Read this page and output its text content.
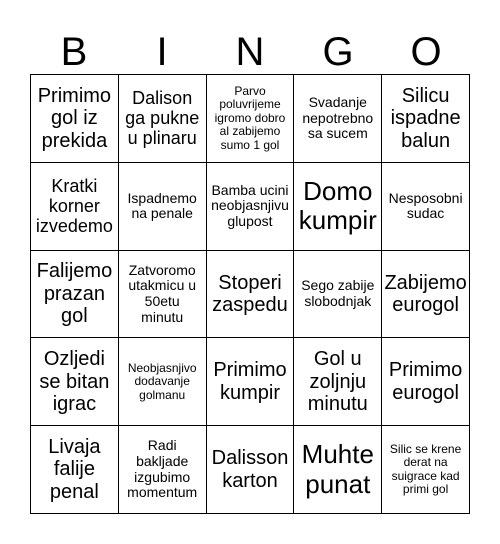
B	I	N	G	O
Primimo gol iz prekida
Dalison ga pukne u plinaru
Parvo poluvrijeme igromo dobro al zabijemo sumo 1 gol
Svadanje nepotrebno sa sucem
Silicu ispadne balun
Kratki korner izvedemo
Ispadnemo na penale
Bamba ucini neobjasnjivu glupost
Domo kumpir
Nesposobni sudac
Falijemo prazan gol
Zatvoromo utakmicu u 50etu minutu
Stoperi zaspedu
Sego zabije slobodnjak
Zabijemo eurogol
Ozljedi se bitan igrac
Neobjasnjivo dodavanje golmanu
Primimo kumpir
Gol u zoljnju minutu
Primimo eurogol
Livaja falije penal
Radi bakljade izgubimo momentum
Dalisson karton
Muhte punat
Silic se krene derat na suigrace kad primi gol
